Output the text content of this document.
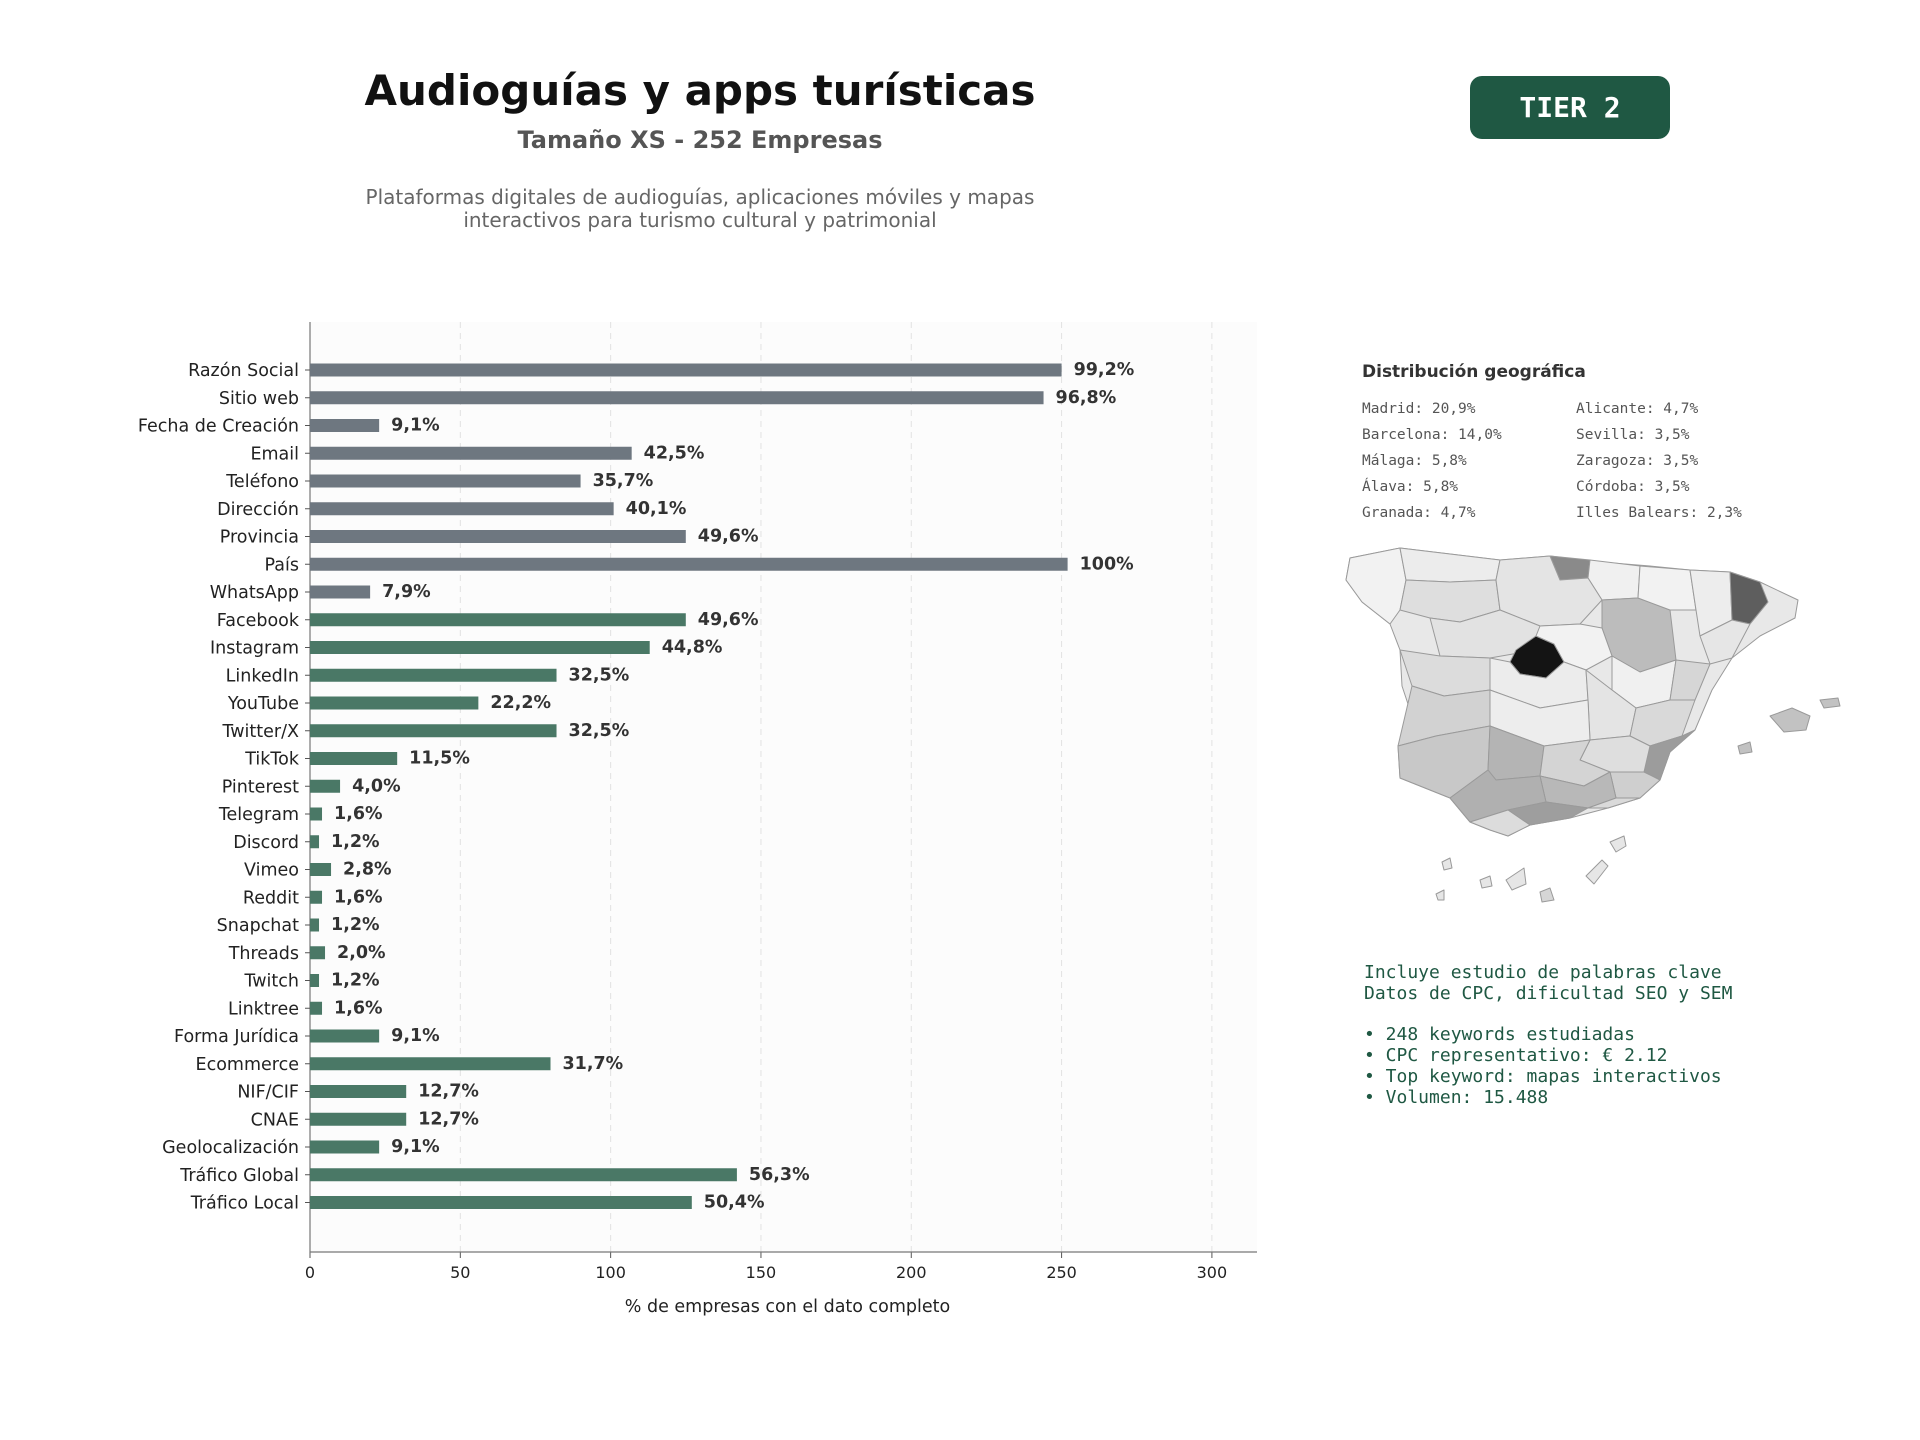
Audioguías y apps turísticas
Tamaño XS - 252 Empresas
Plataformas digitales de audioguías, aplicaciones móviles y mapas
interactivos para turismo cultural y patrimonial
TIER 2
0	50	100	150	200	250	300
Razón Social	99,2%
Sitio web	96,8%
Fecha de Creación	9,1%
Email	42,5%
Teléfono	35,7%
Dirección	40,1%
Provincia	49,6%
País	100%
WhatsApp	7,9%
Facebook	49,6%
Instagram	44,8%
LinkedIn	32,5%
YouTube	22,2%
Twitter/X	32,5%
TikTok	11,5%
Pinterest	4,0%
Telegram 1,6%
Discord 1,2%
Vimeo	2,8%
Reddit 1,6%
Snapchat 1,2%
Threads 2,0%
Twitch 1,2%
Linktree 1,6%
Forma Jurídica	9,1%
Ecommerce	31,7%
NIF/CIF	12,7%
CNAE	12,7%
Geolocalización	9,1%
Tráfico Global	56,3%
Tráfico Local	50,4%
% de empresas con el dato completo
Distribución geográfica
Madrid: 20,9%	Alicante: 4,7%
Barcelona: 14,0%	Sevilla: 3,5%
Málaga: 5,8%	Zaragoza: 3,5%
Álava: 5,8%	Córdoba: 3,5%
Granada: 4,7%	Illes Balears: 2,3%
Incluye estudio de palabras clave
Datos de CPC, dificultad SEO y SEM
• 248 keywords estudiadas
• CPC representativo: € 2.12
• Top keyword: mapas interactivos
• Volumen: 15.488
